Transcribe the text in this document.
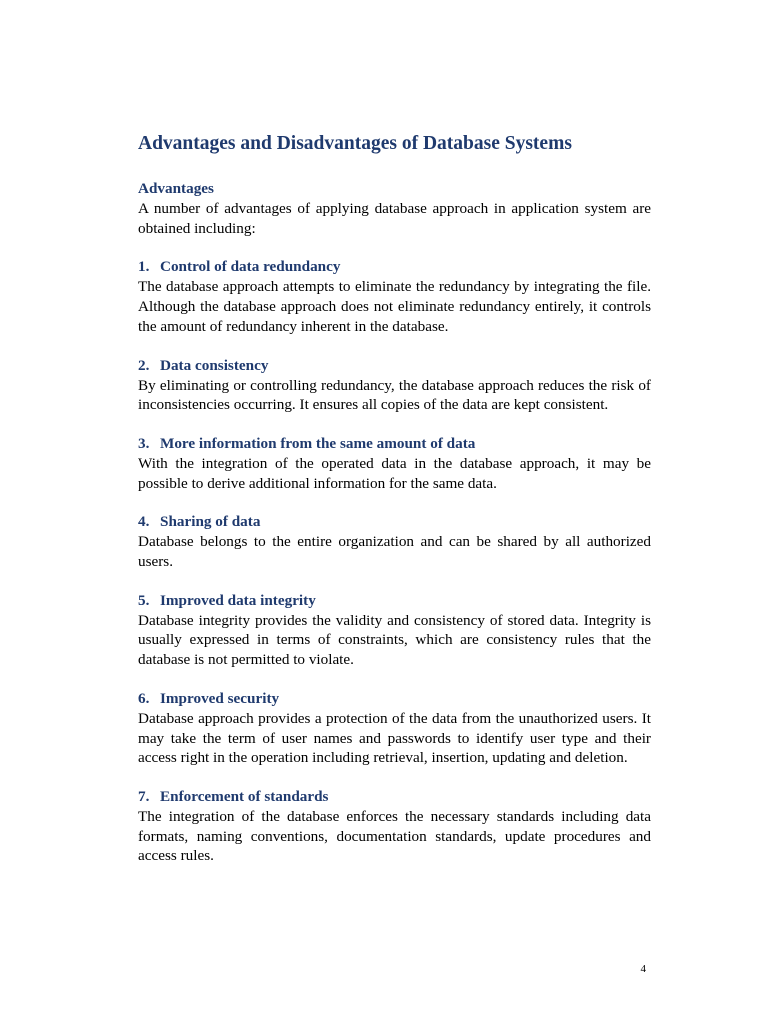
Advantages and Disadvantages of Database Systems
Advantages

A number of advantages of applying database approach in application system are obtained including:

1. Control of data redundancy

The database approach attempts to eliminate the redundancy by integrating the file. Although the database approach does not eliminate redundancy entirely, it controls the amount of redundancy inherent in the database.

2. Data consistency

By eliminating or controlling redundancy, the database approach reduces the risk of inconsistencies occurring. It ensures all copies of the data are kept consistent.

3. More information from the same amount of data

With the integration of the operated data in the database approach, it may be possible to derive additional information for the same data.

4. Sharing of data

Database belongs to the entire organization and can be shared by all authorized users.

5. Improved data integrity

Database integrity provides the validity and consistency of stored data. Integrity is usually expressed in terms of constraints, which are consistency rules that the database is not permitted to violate.

6. Improved security

Database approach provides a protection of the data from the unauthorized users. It may take the term of user names and passwords to identify user type and their access right in the operation including retrieval, insertion, updating and deletion.

7. Enforcement of standards

The integration of the database enforces the necessary standards including data formats, naming conventions, documentation standards, update procedures and access rules.

4
